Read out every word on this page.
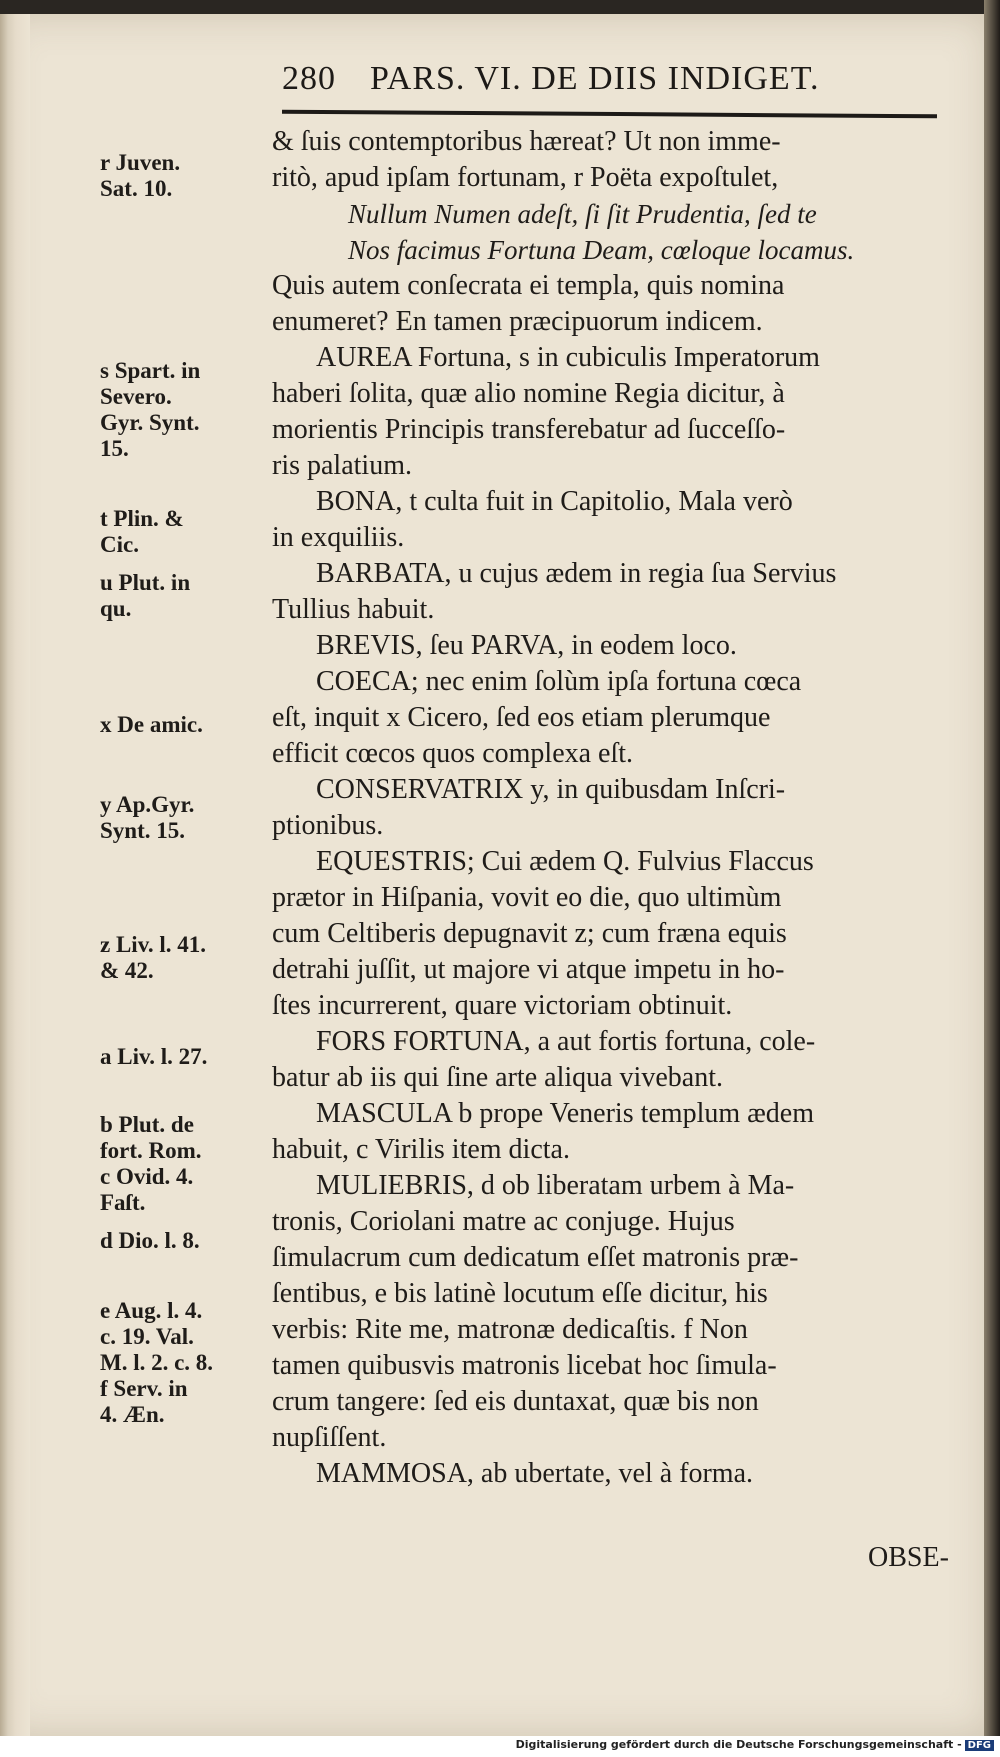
280 PARS. VI. DE DIIS INDIGET.

& ſuis contemptoribus hæreat? Ut non imme-

ritò, apud ipſam fortunam, r Poëta expoſtulet,

Nullum Numen adeſt, ſi ſit Prudentia, ſed te

Nos facimus Fortuna Deam, cœloque locamus.

Quis autem conſecrata ei templa, quis nomina

enumeret? En tamen præcipuorum indicem.

AUREA Fortuna, s in cubiculis Imperatorum

haberi ſolita, quæ alio nomine Regia dicitur, à

morientis Principis transferebatur ad ſucceſſo-

ris palatium.

BONA, t culta fuit in Capitolio, Mala verò

in exquiliis.

BARBATA, u cujus ædem in regia ſua Servius

Tullius habuit.

BREVIS, ſeu PARVA, in eodem loco.

COECA; nec enim ſolùm ipſa fortuna cœca

eſt, inquit x Cicero, ſed eos etiam plerumque

efficit cœcos quos complexa eſt.

CONSERVATRIX y, in quibusdam Inſcri-

ptionibus.

EQUESTRIS; Cui ædem Q. Fulvius Flaccus

prætor in Hiſpania, vovit eo die, quo ultimùm

cum Celtiberis depugnavit z; cum fræna equis

detrahi juſſit, ut majore vi atque impetu in ho-

ſtes incurrerent, quare victoriam obtinuit.

FORS FORTUNA, a aut fortis fortuna, cole-

batur ab iis qui ſine arte aliqua vivebant.

MASCULA b prope Veneris templum ædem

habuit, c Virilis item dicta.

MULIEBRIS, d ob liberatam urbem à Ma-

tronis, Coriolani matre ac conjuge. Hujus

ſimulacrum cum dedicatum eſſet matronis præ-

ſentibus, e bis latinè locutum eſſe dicitur, his

verbis: Rite me, matronæ dedicaſtis. f Non

tamen quibusvis matronis licebat hoc ſimula-

crum tangere: ſed eis duntaxat, quæ bis non

nupſiſſent.

MAMMOSA, ab ubertate, vel à forma.

r Juven.
Sat. 10.
s Spart. in
Severo.
Gyr. Synt.
15.
t Plin. &
Cic.
u Plut. in
qu.
x De amic.
y Ap.Gyr.
Synt. 15.
z Liv. l. 41.
& 42.
a Liv. l. 27.
b Plut. de
fort. Rom.
c Ovid. 4.
Faſt.
d Dio. l. 8.
e Aug. l. 4.
c. 19. Val.
M. l. 2. c. 8.
f Serv. in
4. Æn.
OBSE-
Digitalisierung gefördert durch die Deutsche Forschungsgemeinschaft - DFG
